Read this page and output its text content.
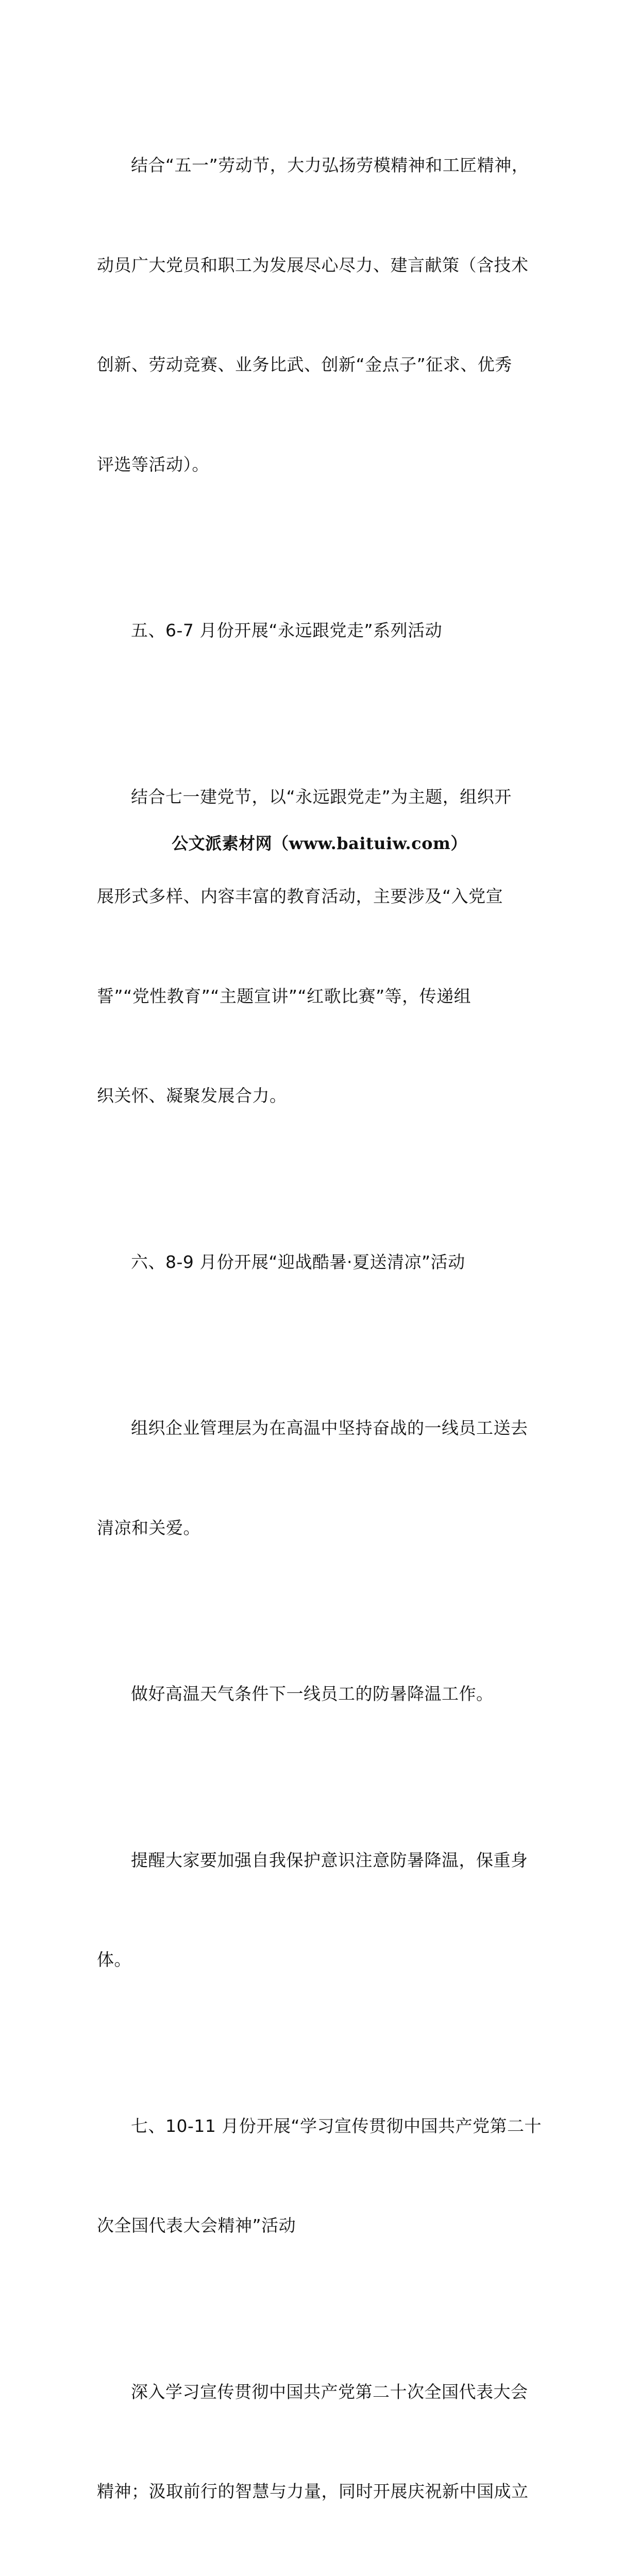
结合“五一”劳动节，大力弘扬劳模精神和工匠精神，

动员广大党员和职工为发展尽心尽力、建言献策（含技术

创新、劳动竞赛、业务比武、创新“金点子”征求、优秀

评选等活动）。

五、6-7 月份开展“永远跟党走”系列活动

结合七一建党节，以“永远跟党走”为主题，组织开

展形式多样、内容丰富的教育活动，主要涉及“入党宣

誓”“党性教育”“主题宣讲”“红歌比赛”等，传递组

织关怀、凝聚发展合力。

六、8-9 月份开展“迎战酷暑·夏送清凉”活动

组织企业管理层为在高温中坚持奋战的一线员工送去

清凉和关爱。

做好高温天气条件下一线员工的防暑降温工作。

提醒大家要加强自我保护意识注意防暑降温，保重身

体。

七、10-11 月份开展“学习宣传贯彻中国共产党第二十

次全国代表大会精神”活动

深入学习宣传贯彻中国共产党第二十次全国代表大会

精神；汲取前行的智慧与力量，同时开展庆祝新中国成立

公文派素材网（www.baituiw.com）
